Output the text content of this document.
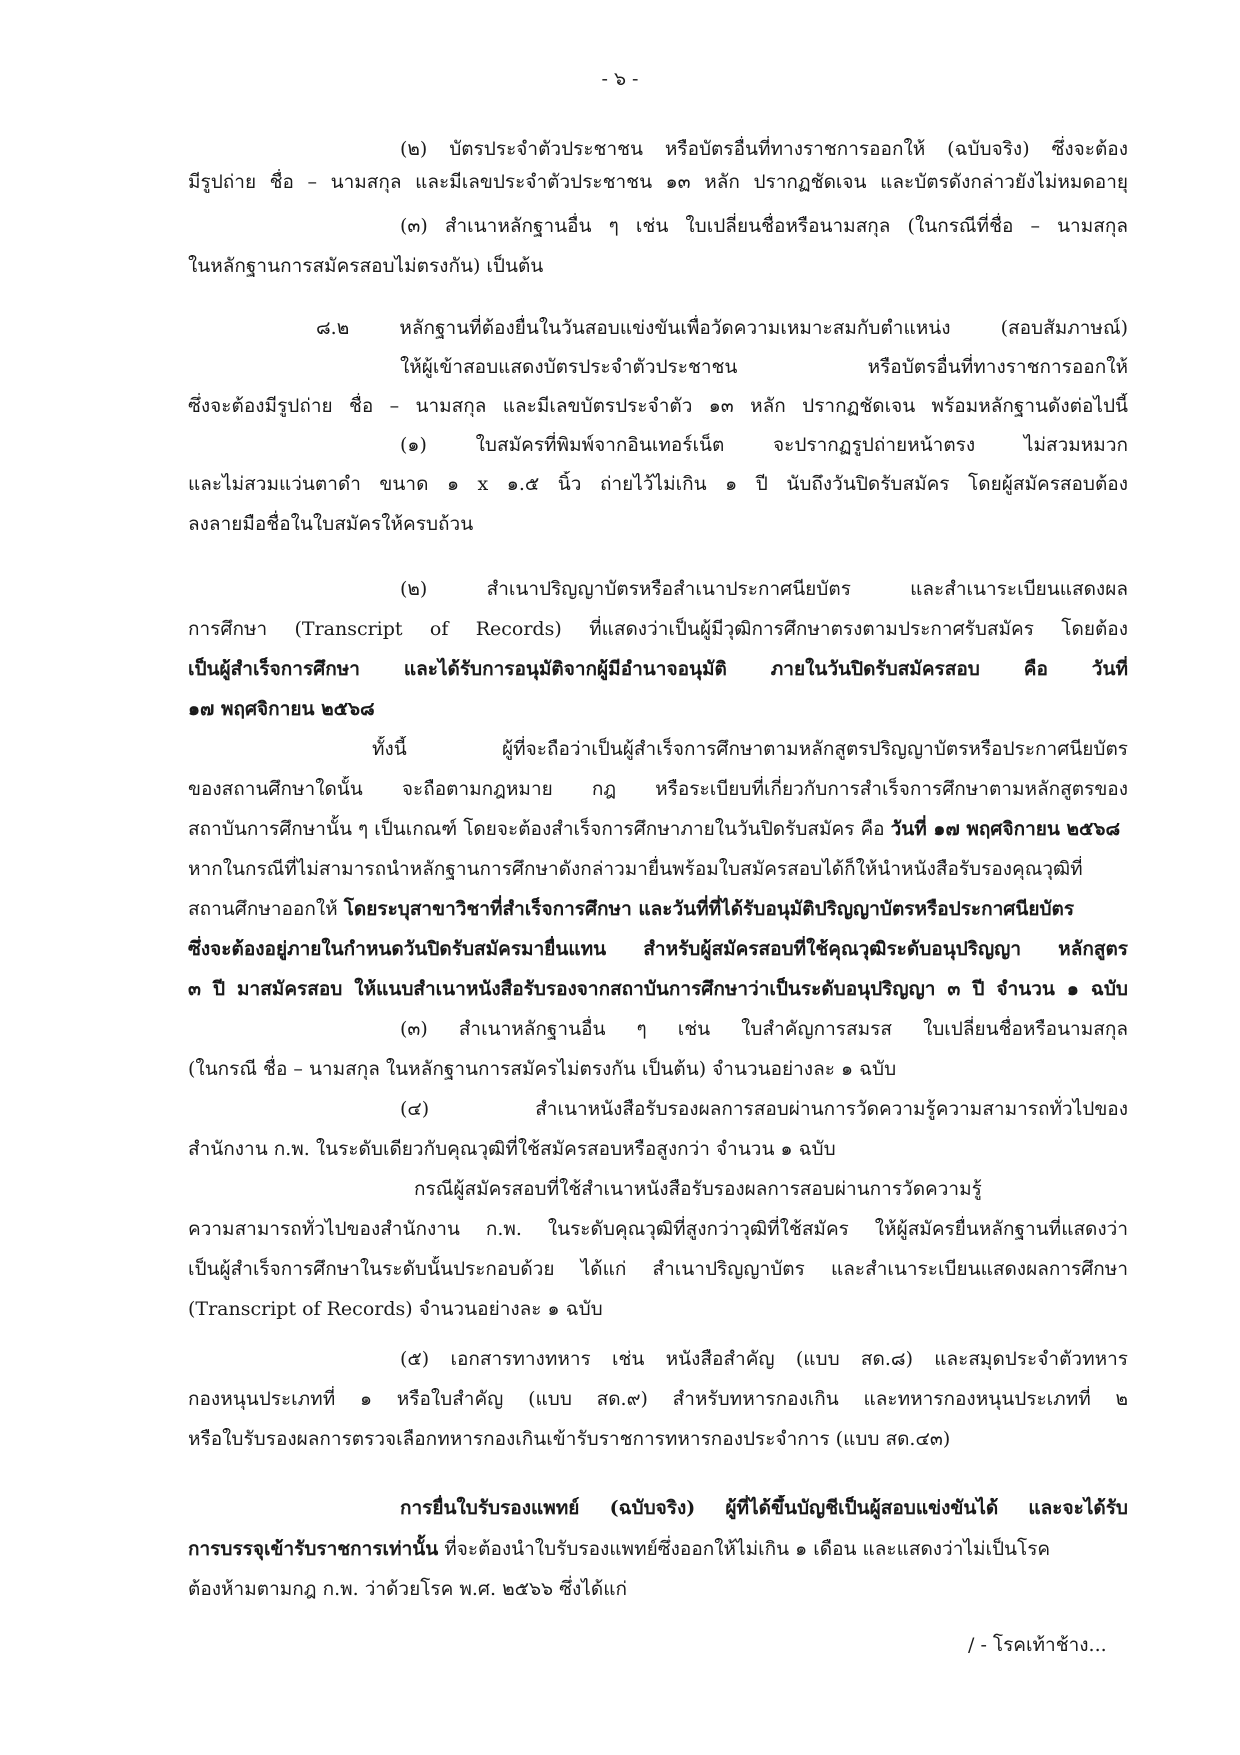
- ๖ -
(๒) บัตรประจำตัวประชาชน หรือบัตรอื่นที่ทางราชการออกให้ (ฉบับจริง) ซึ่งจะต้อง
มีรูปถ่าย ชื่อ – นามสกุล และมีเลขประจำตัวประชาชน ๑๓ หลัก ปรากฏชัดเจน และบัตรดังกล่าวยังไม่หมดอายุ
(๓) สำเนาหลักฐานอื่น ๆ เช่น ใบเปลี่ยนชื่อหรือนามสกุล (ในกรณีที่ชื่อ – นามสกุล
ในหลักฐานการสมัครสอบไม่ตรงกัน) เป็นต้น
๘.๒ หลักฐานที่ต้องยื่นในวันสอบแข่งขันเพื่อวัดความเหมาะสมกับตำแหน่ง (สอบสัมภาษณ์)
ให้ผู้เข้าสอบแสดงบัตรประจำตัวประชาชน หรือบัตรอื่นที่ทางราชการออกให้
ซึ่งจะต้องมีรูปถ่าย ชื่อ – นามสกุล และมีเลขบัตรประจำตัว ๑๓ หลัก ปรากฏชัดเจน พร้อมหลักฐานดังต่อไปนี้
(๑) ใบสมัครที่พิมพ์จากอินเทอร์เน็ต จะปรากฏรูปถ่ายหน้าตรง ไม่สวมหมวก
และไม่สวมแว่นตาดำ ขนาด ๑ x ๑.๕ นิ้ว ถ่ายไว้ไม่เกิน ๑ ปี นับถึงวันปิดรับสมัคร โดยผู้สมัครสอบต้อง
ลงลายมือชื่อในใบสมัครให้ครบถ้วน
(๒) สำเนาปริญญาบัตรหรือสำเนาประกาศนียบัตร และสำเนาระเบียนแสดงผล
การศึกษา (Transcript of Records) ที่แสดงว่าเป็นผู้มีวุฒิการศึกษาตรงตามประกาศรับสมัคร โดยต้อง
เป็นผู้สำเร็จการศึกษา และได้รับการอนุมัติจากผู้มีอำนาจอนุมัติ ภายในวันปิดรับสมัครสอบ คือ วันที่
๑๗ พฤศจิกายน ๒๕๖๘
ทั้งนี้ ผู้ที่จะถือว่าเป็นผู้สำเร็จการศึกษาตามหลักสูตรปริญญาบัตรหรือประกาศนียบัตร
ของสถานศึกษาใดนั้น จะถือตามกฎหมาย กฎ หรือระเบียบที่เกี่ยวกับการสำเร็จการศึกษาตามหลักสูตรของ
สถาบันการศึกษานั้น ๆ เป็นเกณฑ์ โดยจะต้องสำเร็จการศึกษาภายในวันปิดรับสมัคร คือ วันที่ ๑๗ พฤศจิกายน ๒๕๖๘
หากในกรณีที่ไม่สามารถนำหลักฐานการศึกษาดังกล่าวมายื่นพร้อมใบสมัครสอบได้ก็ให้นำหนังสือรับรองคุณวุฒิที่
สถานศึกษาออกให้ โดยระบุสาขาวิชาที่สำเร็จการศึกษา และวันที่ที่ได้รับอนุมัติปริญญาบัตรหรือประกาศนียบัตร
ซึ่งจะต้องอยู่ภายในกำหนดวันปิดรับสมัครมายื่นแทน สำหรับผู้สมัครสอบที่ใช้คุณวุฒิระดับอนุปริญญา หลักสูตร
๓ ปี มาสมัครสอบ ให้แนบสำเนาหนังสือรับรองจากสถาบันการศึกษาว่าเป็นระดับอนุปริญญา ๓ ปี จำนวน ๑ ฉบับ
(๓) สำเนาหลักฐานอื่น ๆ เช่น ใบสำคัญการสมรส ใบเปลี่ยนชื่อหรือนามสกุล
(ในกรณี ชื่อ – นามสกุล ในหลักฐานการสมัครไม่ตรงกัน เป็นต้น) จำนวนอย่างละ ๑ ฉบับ
(๔) สำเนาหนังสือรับรองผลการสอบผ่านการวัดความรู้ความสามารถทั่วไปของ
สำนักงาน ก.พ. ในระดับเดียวกับคุณวุฒิที่ใช้สมัครสอบหรือสูงกว่า จำนวน ๑ ฉบับ
กรณีผู้สมัครสอบที่ใช้สำเนาหนังสือรับรองผลการสอบผ่านการวัดความรู้
ความสามารถทั่วไปของสำนักงาน ก.พ. ในระดับคุณวุฒิที่สูงกว่าวุฒิที่ใช้สมัคร ให้ผู้สมัครยื่นหลักฐานที่แสดงว่า
เป็นผู้สำเร็จการศึกษาในระดับนั้นประกอบด้วย ได้แก่ สำเนาปริญญาบัตร และสำเนาระเบียนแสดงผลการศึกษา
(Transcript of Records) จำนวนอย่างละ ๑ ฉบับ
(๕) เอกสารทางทหาร เช่น หนังสือสำคัญ (แบบ สด.๘) และสมุดประจำตัวทหาร
กองหนุนประเภทที่ ๑ หรือใบสำคัญ (แบบ สด.๙) สำหรับทหารกองเกิน และทหารกองหนุนประเภทที่ ๒
หรือใบรับรองผลการตรวจเลือกทหารกองเกินเข้ารับราชการทหารกองประจำการ (แบบ สด.๔๓)
การยื่นใบรับรองแพทย์ (ฉบับจริง) ผู้ที่ได้ขึ้นบัญชีเป็นผู้สอบแข่งขันได้ และจะได้รับ
การบรรจุเข้ารับราชการเท่านั้น ที่จะต้องนำใบรับรองแพทย์ซึ่งออกให้ไม่เกิน ๑ เดือน และแสดงว่าไม่เป็นโรค
ต้องห้ามตามกฎ ก.พ. ว่าด้วยโรค พ.ศ. ๒๕๖๖ ซึ่งได้แก่
/ - โรคเท้าช้าง...
